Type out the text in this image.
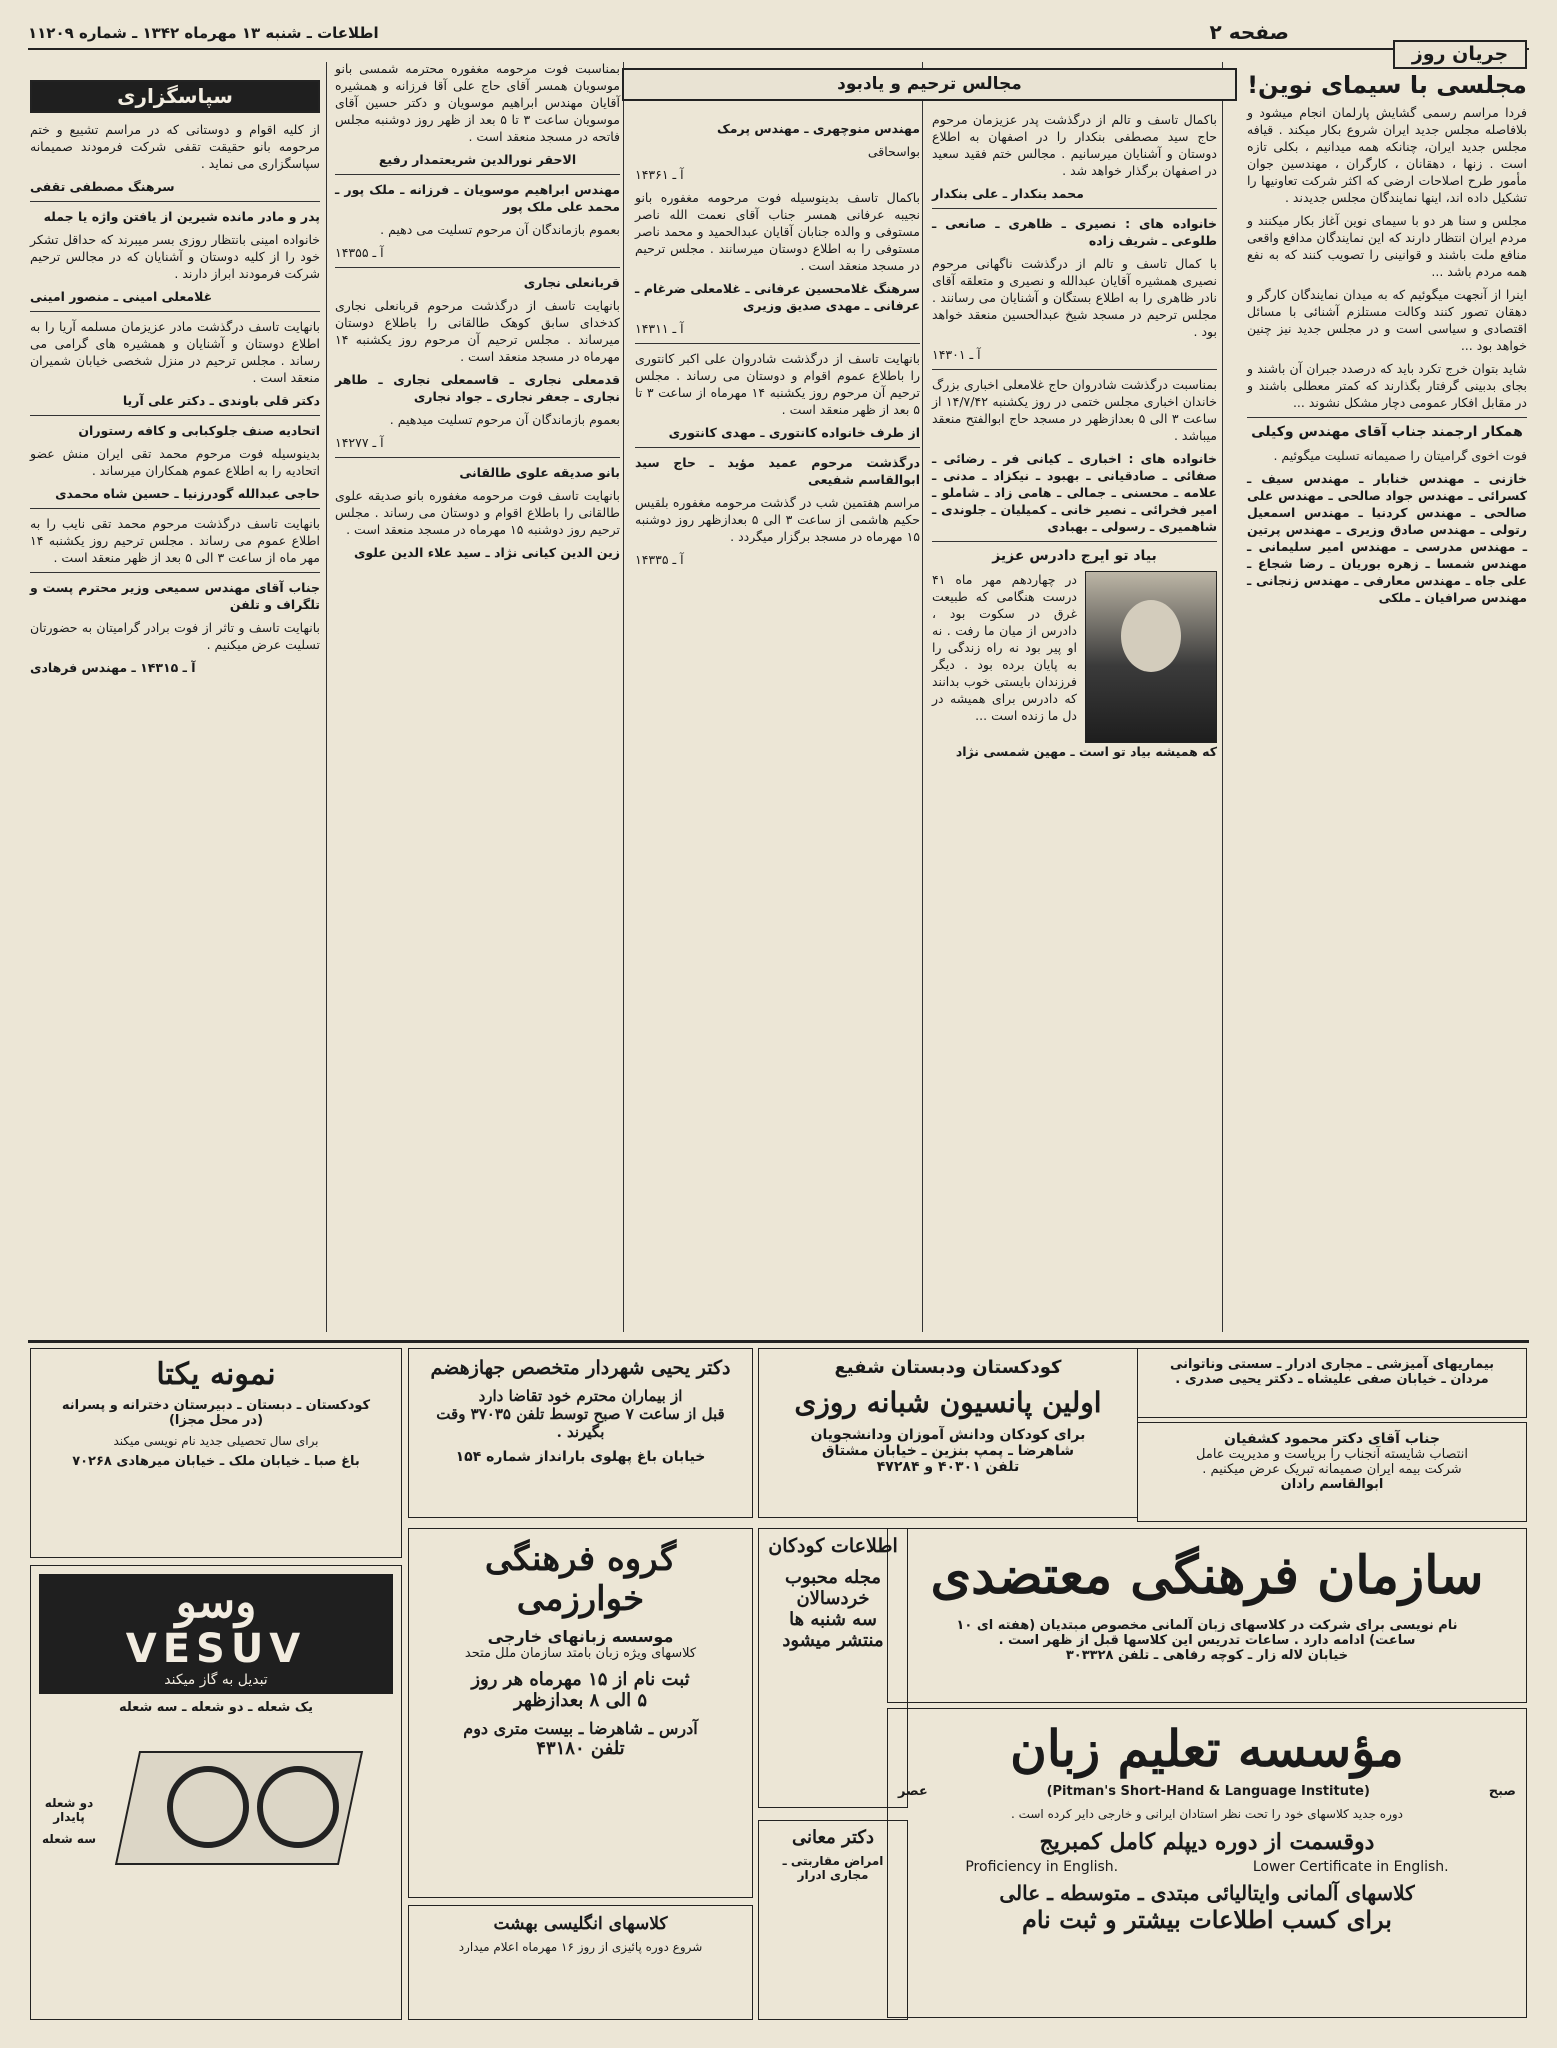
اطلاعات ـ شنبه ۱۳ مهرماه ۱۳۴۲ ـ شماره ۱۱۲۰۹	صفحه ۲
جریان روز
مجلسی با سیمای نوین!

فردا مراسم رسمی گشایش پارلمان انجام میشود و بلافاصله مجلس جدید ایران شروع بکار میکند . قیافه مجلس جدید ایران، چنانکه همه میدانیم ، بکلی تازه است . زنها ، دهقانان ، کارگران ، مهندسین جوان مأمور طرح اصلاحات ارضی که اکثر شرکت تعاونیها را تشکیل داده اند، اینها نمایندگان مجلس جدیدند .

مجلس و سنا هر دو با سیمای نوین آغاز بکار میکنند و مردم ایران انتظار دارند که این نمایندگان مدافع واقعی منافع ملت باشند و قوانینی را تصویب کنند که به نفع همه مردم باشد ...

اینرا از آنجهت میگوئیم که به میدان نمایندگان کارگر و دهقان تصور کنند وکالت مستلزم آشنائی با مسائل اقتصادی و سیاسی است و در مجلس جدید نیز چنین خواهد بود ...

شاید بتوان خرج تکرد باید که درصدد جبران آن باشند و بجای بدبینی گرفتار بگذارند که کمتر معطلی باشند و در مقابل افکار عمومی دچار مشکل نشوند ...

همکار ارجمند جناب آقای مهندس وکیلی

فوت اخوی گرامیتان را صمیمانه تسلیت میگوئیم .

خازنی ـ مهندس خنابار ـ مهندس سیف ـ کسرائی ـ مهندس جواد صالحی ـ مهندس علی صالحی ـ مهندس کردنیا ـ مهندس اسمعیل رتولی ـ مهندس صادق وزیری ـ مهندس پرتین ـ مهندس مدرسی ـ مهندس امیر سلیمانی ـ مهندس شمسا ـ زهره بوریان ـ رضا شجاع ـ علی جاه ـ مهندس معارفی ـ مهندس زنجانی ـ مهندس صرافیان ـ ملکی

مجالس ترحیم و یادبود

باکمال تاسف و تالم از درگذشت پدر عزیزمان مرحوم حاج سید مصطفی بنکدار را در اصفهان به اطلاع دوستان و آشنایان میرسانیم . مجالس ختم فقید سعید در اصفهان برگذار خواهد شد .

محمد بنکدار ـ علی بنکدار

خانواده های : نصیری ـ ظاهری ـ صانعی ـ طلوعی ـ شریف زاده

با کمال تاسف و تالم از درگذشت ناگهانی مرحوم نصیری همشیره آقایان عبدالله و نصیری و متعلقه آقای نادر ظاهری را به اطلاع بستگان و آشنایان می رسانند . مجلس ترحیم در مسجد شیخ عبدالحسین منعقد خواهد بود .

آ ـ ۱۴۳۰۱

بمناسبت درگذشت شادروان حاج غلامعلی اخباری بزرگ خاندان اخباری مجلس ختمی در روز یکشنبه ۱۴/۷/۴۲ از ساعت ۳ الی ۵ بعدازظهر در مسجد حاج ابوالفتح منعقد میباشد .

خانواده های : اخباری ـ کیانی فر ـ رضائی ـ صفائی ـ صادقیانی ـ بهبود ـ نیکزاد ـ مدنی ـ علامه ـ محسنی ـ جمالی ـ هامی زاد ـ شاملو ـ امیر فخرائی ـ نصیر خانی ـ کمیلیان ـ جلوندی ـ شاهمیری ـ رسولی ـ بهبادی

بیاد تو ایرج دادرس عزیز

در چهاردهم مهر ماه ۴۱ درست هنگامی که طبیعت غرق در سکوت بود ، دادرس از میان ما رفت . نه او پیر بود نه راه زندگی را به پایان برده بود . دیگر فرزندان بایستی خوب بدانند که دادرس برای همیشه در دل ما زنده است ...

که همیشه بیاد تو است ـ مهین شمسی نژاد

مهندس منوچهری ـ مهندس پرمک

بواسحاقی

آ ـ ۱۴۳۶۱

باکمال تاسف بدینوسیله فوت مرحومه مغفوره بانو نجیبه عرفانی همسر جناب آقای نعمت الله ناصر مستوفی و والده جنابان آقایان عبدالحمید و محمد ناصر مستوفی را به اطلاع دوستان میرسانند . مجلس ترحیم در مسجد منعقد است .

سرهنگ غلامحسین عرفانی ـ غلامعلی ضرغام ـ عرفانی ـ مهدی صدیق وزیری

آ ـ ۱۴۳۱۱

بانهایت تاسف از درگذشت شادروان علی اکبر کانتوری را باطلاع عموم اقوام و دوستان می رساند . مجلس ترحیم آن مرحوم روز یکشنبه ۱۴ مهرماه از ساعت ۳ تا ۵ بعد از ظهر منعقد است .

از طرف خانواده کانتوری ـ مهدی کانتوری

درگذشت مرحوم عمید مؤید ـ حاج سید ابوالقاسم شفیعی

مراسم هفتمین شب در گذشت مرحومه مغفوره بلقیس حکیم هاشمی از ساعت ۳ الی ۵ بعدازظهر روز دوشنبه ۱۵ مهرماه در مسجد برگزار میگردد .

آ ـ ۱۴۳۳۵

بمناسبت فوت مرحومه مغفوره محترمه شمسی بانو موسویان همسر آقای حاج علی آقا فرزانه و همشیره آقایان مهندس ابراهیم موسویان و دکتر حسین آقای موسویان ساعت ۳ تا ۵ بعد از ظهر روز دوشنبه مجلس فاتحه در مسجد منعقد است .

الاحقر نورالدین شریعتمدار رفیع

مهندس ابراهیم موسویان ـ فرزانه ـ ملک پور ـ محمد علی ملک پور

بعموم بازماندگان آن مرحوم تسلیت می دهیم .

آ ـ ۱۴۳۵۵

قربانعلی نجاری

بانهایت تاسف از درگذشت مرحوم قربانعلی نجاری کدخدای سابق کوهک طالقانی را باطلاع دوستان میرساند . مجلس ترحیم آن مرحوم روز یکشنبه ۱۴ مهرماه در مسجد منعقد است .

قدمعلی نجاری ـ قاسمعلی نجاری ـ طاهر نجاری ـ جعفر نجاری ـ جواد نجاری

بعموم بازماندگان آن مرحوم تسلیت میدهیم .

آ ـ ۱۴۲۷۷

بانو صدیقه علوی طالقانی

بانهایت تاسف فوت مرحومه مغفوره بانو صدیقه علوی طالقانی را باطلاع اقوام و دوستان می رساند . مجلس ترحیم روز دوشنبه ۱۵ مهرماه در مسجد منعقد است .

زین الدین کیانی نژاد ـ سید علاء الدین علوی

سپاسگزاری

از کلیه اقوام و دوستانی که در مراسم تشییع و ختم مرحومه بانو حقیقت تقفی شرکت فرمودند صمیمانه سپاسگزاری می نماید .

سرهنگ مصطفی تقفی

پدر و مادر مانده شیرین از یافتن واژه یا جمله

خانواده امینی بانتظار روزی بسر میبرند که حداقل تشکر خود را از کلیه دوستان و آشنایان که در مجالس ترحیم شرکت فرمودند ابراز دارند .

غلامعلی امینی ـ منصور امینی

بانهایت تاسف درگذشت مادر عزیزمان مسلمه آریا را به اطلاع دوستان و آشنایان و همشیره های گرامی می رساند . مجلس ترحیم در منزل شخصی خیابان شمیران منعقد است .

دکتر قلی باوندی ـ دکتر علی آریا

اتحادیه صنف جلوکبابی و کافه رستوران

بدینوسیله فوت مرحوم محمد تقی ایران منش عضو اتحادیه را به اطلاع عموم همکاران میرساند .

حاجی عبدالله گودرزنیا ـ حسین شاه محمدی

بانهایت تاسف درگذشت مرحوم محمد تقی نایب را به اطلاع عموم می رساند . مجلس ترحیم روز یکشنبه ۱۴ مهر ماه از ساعت ۳ الی ۵ بعد از ظهر منعقد است .

جناب آقای مهندس سمیعی وزیر محترم پست و تلگراف و تلفن

بانهایت تاسف و تاثر از فوت برادر گرامیتان به حضورتان تسلیت عرض میکنیم .

آ ـ ۱۴۳۱۵ ـ مهندس فرهادی

بیماریهای آمیزشی ـ مجاری ادرار ـ سستی وناتوانی
مردان ـ خیابان صفی علیشاه ـ دکتر یحیی صدری .
جناب آقای دکتر محمود کشفیان
انتصاب شایسته آنجناب را بریاست و مدیریت عامل
شرکت بیمه ایران صمیمانه تبریک عرض میکنیم .
ابوالقاسم رادان
کودکستان ودبستان شفیع
اولین پانسیون شبانه روزی
برای کودکان ودانش آموزان ودانشجویان
شاهرضا ـ پمپ بنزین ـ خیابان مشتاق
تلفن ۴۰۳۰۱ و ۴۷۲۸۴
دکتر یحیی شهردار متخصص جهازهضم
از بیماران محترم خود تقاضا دارد
قبل از ساعت ۷ صبح توسط تلفن ۳۷۰۳۵ وقت بگیرند .
خیابان باغ پهلوی بارانداز شماره ۱۵۴
نمونه یکتا
کودکستان ـ دبستان ـ دبیرستان دخترانه و پسرانه
(در محل مجزا)
برای سال تحصیلی جدید نام نویسی میکند
باغ صبا ـ خیابان ملک ـ خیابان میرهادی ۷۰۲۶۸
سازمان فرهنگی معتضدی
نام نویسی برای شرکت در کلاسهای زبان آلمانی مخصوص مبتدیان (هفته ای ۱۰
ساعت) ادامه دارد . ساعات تدریس این کلاسها قبل از ظهر است .
خیابان لاله زار ـ کوچه رفاهی ـ تلفن ۳۰۳۳۲۸
مؤسسه تعلیم زبان
صبح
(Pitman's Short-Hand & Language Institute)
عصر
دوره جدید کلاسهای خود را تحت نظر استادان ایرانی و خارجی دایر کرده است .
دوقسمت از دوره دیپلم کامل کمبریج
Proficiency in English.	Lower Certificate in English.
کلاسهای آلمانی وایتالیائی مبتدی ـ متوسطه ـ عالی
برای کسب اطلاعات بیشتر و ثبت نام
اطلاعات کودکان
مجله محبوب
خردسالان
سه شنبه ها
منتشر میشود
دکتر معانی
امراض مقاربتی ـ مجاری ادرار
گروه فرهنگی
خوارزمی
موسسه زبانهای خارجی
کلاسهای ویژه زبان بامتد سازمان ملل متحد
ثبت نام از ۱۵ مهرماه هر روز
۵ الی ۸ بعدازظهر
آدرس ـ شاهرضا ـ بیست متری دوم
تلفن ۴۳۱۸۰
کلاسهای انگلیسی بهشت
شروع دوره پائیزی از روز ۱۶ مهرماه اعلام میدارد
وسو
VESUV
تبدیل به گاز میکند
یک شعله ـ دو شعله ـ سه شعله
دو شعله
پایدار
سه شعله
